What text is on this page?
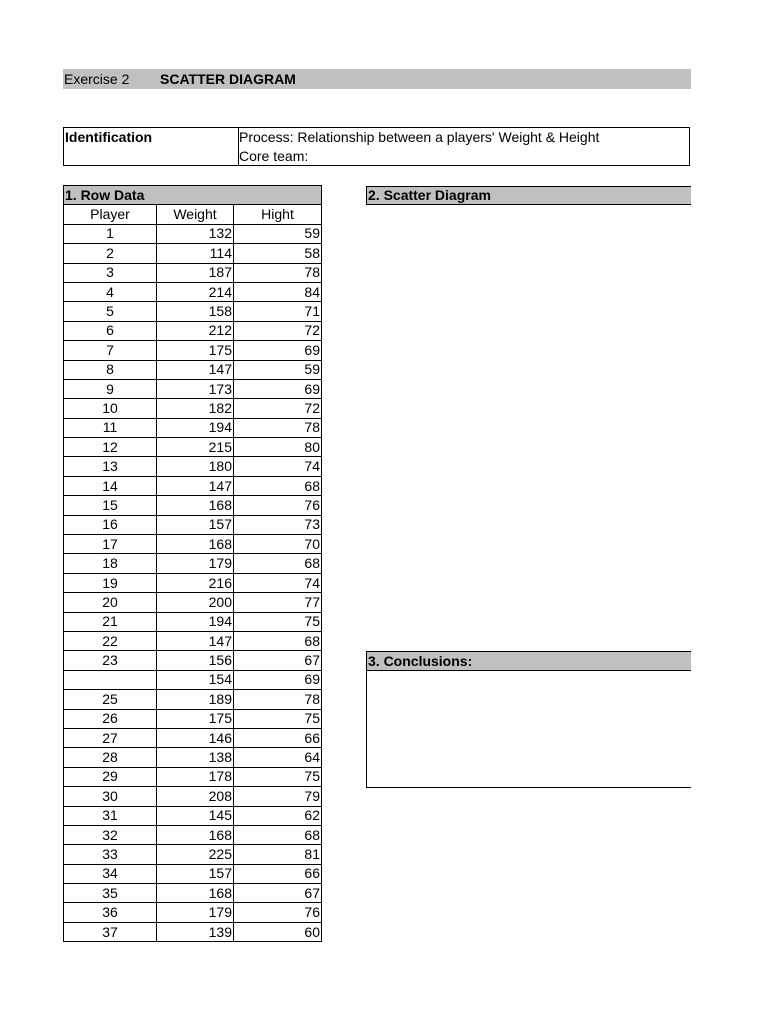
Exercise 2 SCATTER DIAGRAM
Identification	Process: Relationship between a players' Weight & Height
Core team:
1. Row Data		
Player	Weight	Hight
1	132	59
2	114	58
3	187	78
4	214	84
5	158	71
6	212	72
7	175	69
8	147	59
9	173	69
10	182	72
11	194	78
12	215	80
13	180	74
14	147	68
15	168	76
16	157	73
17	168	70
18	179	68
19	216	74
20	200	77
21	194	75
22	147	68
23	156	67
	154	69
25	189	78
26	175	75
27	146	66
28	138	64
29	178	75
30	208	79
31	145	62
32	168	68
33	225	81
34	157	66
35	168	67
36	179	76
37	139	60
2. Scatter Diagram
3. Conclusions:
